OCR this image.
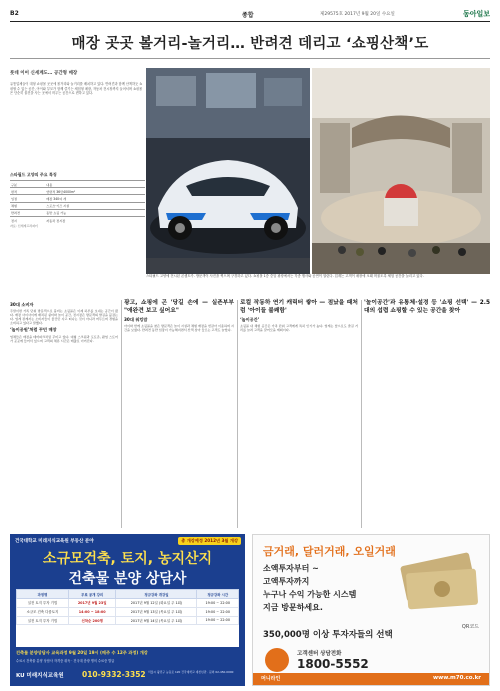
B2	종합	제29575호 2017년 9월 20일 수요일	동아일보
매장 곳곳 볼거리-놀거리… 반려견 데리고 ‘쇼핑산책’도
롯데 이어 신세계도… 공간형 매장
유통업체들이 대형 쇼핑몰 곳곳에 볼거리와 놀거리를 배치하고 있다. 반려견과 함께 산책하듯 쇼핑할 수 있는 공간, 아이와 부모가 함께 즐기는 체험형 매장, 자동차 전시장까지 들어서며 쇼핑몰은 단순히 물건을 사는 곳에서 머무는 공간으로 변하고 있다.
스타필드 고양의 주요 특징
구분	내용
면적	연면적 36만4000m²
입점	매장 340여 개
체험	스포츠·키즈 시설
반려견	동반 쇼핑 가능
전시	자동차 전시장
자료: 신세계프라퍼티
스타필드 고양에 전시된 콘셉트카. 방문객이 사진을 찍으며 구경하고 있다. 쇼핑몰 1층 중앙 광장에서는 각종 행사와 공연이 열린다. 업계는 고객이 매장에 오래 머물도록 체험 공간을 늘리고 있다.
30대 소비자
주말이면 가족 단위 방문객으로 붐비는 쇼핑몰은 이제 하루를 보내는 공간이 됐다. 매장 사이사이에 배치된 쉼터와 놀이 공간, 전시장은 방문객의 발길을 붙잡는다. 업계 관계자는 소비자들이 물건만 사고 떠나는 것이 아니라 머무르며 경험을 소비하고 있다고 말했다.
‘놀이공원’처럼 꾸민 매장
업체들은 매장을 테마파크처럼 꾸미고 있다. 대형 스크린과 포토존, 팝업 스토어가 곳곳에 들어서 있으며 고객의 체류 시간은 매출로 이어진다.
광고, 쇼핑에 곤 '당길 손에 — 실존부부 "애완견 보고 싶어요"
30대 워킹맘
아이와 함께 쇼핑몰을 찾은 방문객은 놀이 시설과 체험 매장을 번갈아 이용하며 시간을 보냈다. 반려견 동반 입장이 가능해지면서 산책 삼아 들르는 고객도 늘었다.
로컬 작동하 연기 캐릭터 쌓아 — 점났을 때처럼 '아이들 불쾌함'
‘놀이공간’
쇼핑몰 내 체험 공간은 가족 단위 고객에게 특히 인기가 높다. 업계는 앞으로도 즐길 거리를 늘려 고객을 끌어모을 계획이다.
'놀이공간'과 유통체·설경 등 '쇼핑 선택' — 2.5대의 섭렵 쇼핑할 수 있는 공간을 찾아
건국대학교 미래지식교육원 부동산 분야	총 개강예정 2012년 3월 개강
소규모건축, 토지, 농지산지
건축물 분양 상담사
과정명	무료 공개 강의	정규강좌 개강일	정규강좌 시간
실전 토지 투자 기법	2017년 9월 23일	2017년 9월 12일 (화요일 주 1회)	19:00 ~ 22:00
소규모 건축 다룸토지	14:00 ~ 18:00	2017년 9월 13일 (목요일 주 1회)	19:00 ~ 22:00
실전 토지 투자 기법	선착순 200명	2017년 9월 14일 (목요일 주 1회)	19:00 ~ 22:00
건축물 분양상담사 교육과정 9월 20일 19시 (매주 수 12주 과정) 개강
수료시 건축물 분양 상담사 자격증 취득 · 건국대 총장 명의 수료증 발급
KU 미래지식교육원 010-9332-3352 서울시 광진구 능동로 120 건국대학교 새천년관 · 문의 02-450-0000
금거래, 달러거래, 오일거래
소액투자부터 ~
고액투자까지
누구나 수익 가능한 시스템
지금 방문하세요.
QR코드
350,000명 이상 투자자들의 선택
고객센터 상담전화
1800-5552
머니라인	www.m70.co.kr
